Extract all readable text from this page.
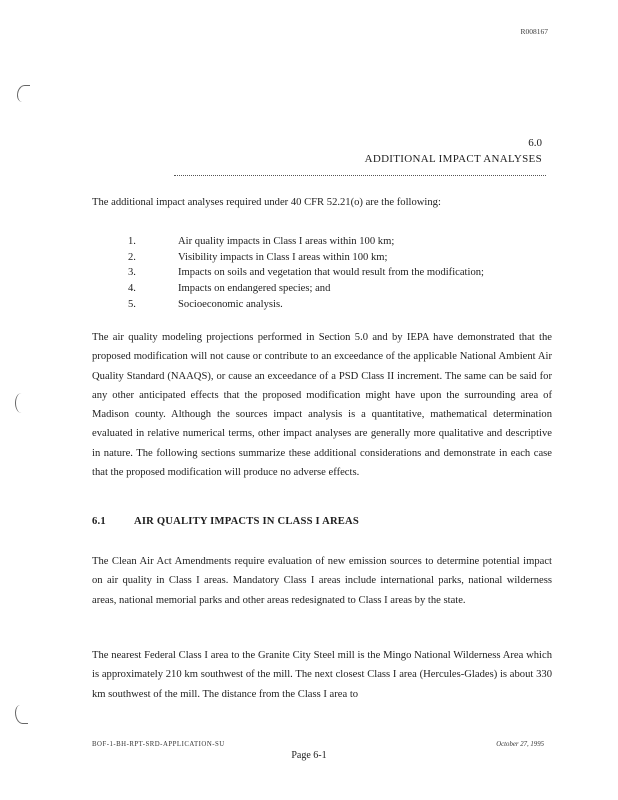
R008167
6.0
ADDITIONAL IMPACT ANALYSES
The additional impact analyses required under 40 CFR 52.21(o) are the following:
1.	Air quality impacts in Class I areas within 100 km;
2.	Visibility impacts in Class I areas within 100 km;
3.	Impacts on soils and vegetation that would result from the modification;
4.	Impacts on endangered species; and
5.	Socioeconomic analysis.

The air quality modeling projections performed in Section 5.0 and by IEPA have demonstrated that the proposed modification will not cause or contribute to an exceedance of the applicable National Ambient Air Quality Standard (NAAQS), or cause an exceedance of a PSD Class II increment. The same can be said for any other anticipated effects that the proposed modification might have upon the surrounding area of Madison county. Although the sources impact analysis is a quantitative, mathematical determination evaluated in relative numerical terms, other impact analyses are generally more qualitative and descriptive in nature. The following sections summarize these additional considerations and demonstrate in each case that the proposed modification will produce no adverse effects.

6.1	AIR QUALITY IMPACTS IN CLASS I AREAS

The Clean Air Act Amendments require evaluation of new emission sources to determine potential impact on air quality in Class I areas. Mandatory Class I areas include international parks, national wilderness areas, national memorial parks and other areas redesignated to Class I areas by the state.

The nearest Federal Class I area to the Granite City Steel mill is the Mingo National Wilderness Area which is approximately 210 km southwest of the mill. The next closest Class I area (Hercules-Glades) is about 330 km southwest of the mill. The distance from the Class I area to

BOF-1-BH-RPT-SRD-APPLICATION-SU	October 27, 1995
Page 6-1
